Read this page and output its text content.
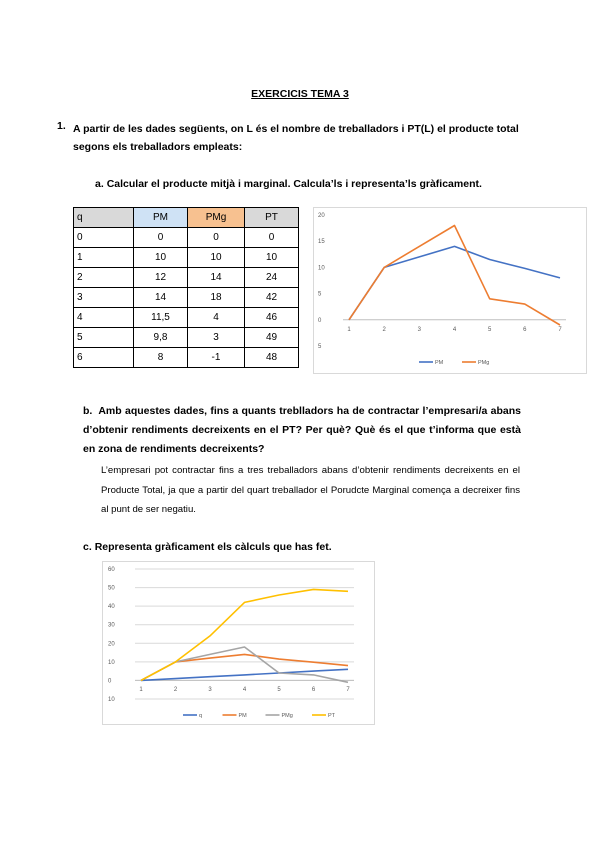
EXERCICIS TEMA 3
1. A partir de les dades següents, on L és el nombre de treballadors i PT(L) el producte total segons els treballadors empleats:
a. Calcular el producte mitjà i marginal. Calcula’ls i representa’ls gràficament.
q	PM	PMg	PT
0	0	0	0
1	10	10	10
2	12	14	24
3	14	18	42
4	11,5	4	46
5	9,8	3	49
6	8	-1	48
5
0
5
10
15
20
1	2	3	4	5	6	7
PM	PMg
b. Amb aquestes dades, fins a quants treblladors ha de contractar l’empresari/a abans d’obtenir rendiments decreixents en el PT? Per què? Què és el que t’informa que està en zona de rendiments decreixents?
L’empresari pot contractar fins a tres treballadors abans d’obtenir rendiments decreixents en el Producte Total, ja que a partir del quart treballador el Porudcte Marginal comença a decreixer fins al punt de ser negatiu.
c. Representa gràficament els càlculs que has fet.
10
0
10
20
30
40
50
60
1	2	3	4	5	6	7
q	PM	PMg	PT
